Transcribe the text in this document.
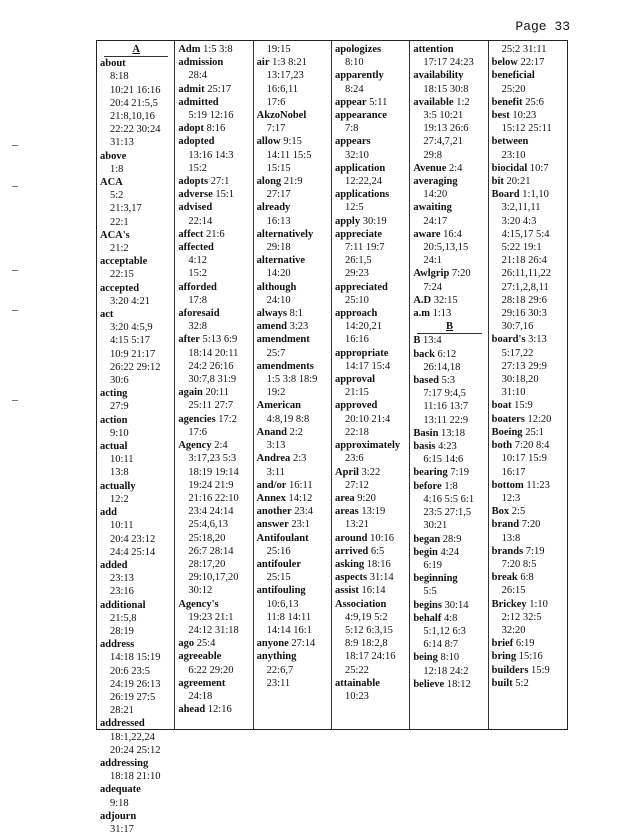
Page 33
A
about
8:18
10:21 16:16
20:4 21:5,5
21:8,10,16
22:22 30:24
31:13
above
1:8
ACA
5:2
21:3,17
22:1
ACA's
21:2
acceptable
22:15
accepted
3:20 4:21
act
3:20 4:5,9
4:15 5:17
10:9 21:17
26:22 29:12
30:6
acting
27:9
action
9:10
actual
10:11
13:8
actually
12:2
add
10:11
20:4 23:12
24:4 25:14
added
23:13
23:16
additional
21:5,8
28:19
address
14:18 15:19
20:6 23:5
24:19 26:13
26:19 27:5
28:21
addressed
18:1,22,24
20:24 25:12
addressing
18:18 21:10
adequate
9:18
adjourn
31:17
Adm 1:5 3:8
admission
28:4
admit 25:17
admitted
5:19 12:16
adopt 8:16
adopted
13:16 14:3
15:2
adopts 27:1
adverse 15:1
advised
22:14
affect 21:6
affected
4:12
15:2
afforded
17:8
aforesaid
32:8
after 5:13 6:9
18:14 20:11
24:2 26:16
30:7,8 31:9
again 20:11
25:11 27:7
agencies 17:2
17:6
Agency 2:4
3:17,23 5:3
18:19 19:14
19:24 21:9
21:16 22:10
23:4 24:14
25:4,6,13
25:18,20
26:7 28:14
28:17,20
29:10,17,20
30:12
Agency's
19:23 21:1
24:12 31:18
ago 25:4
agreeable
6:22 29:20
agreement
24:18
ahead 12:16
19:15
air 1:3 8:21
13:17,23
16:6,11
17:6
AkzoNobel
7:17
allow 9:15
14:11 15:5
15:15
along 21:9
27:17
already
16:13
alternatively
29:18
alternative
14:20
although
24:10
always 8:1
amend 3:23
amendment
25:7
amendments
1:5 3:8 18:9
19:2
American
4:8,19 8:8
Anand 2:2
3:13
Andrea 2:3
3:11
and/or 16:11
Annex 14:12
another 23:4
answer 23:1
Antifoulant
25:16
antifouler
25:15
antifouling
10:6,13
11:8 14:11
14:14 16:1
anyone 27:14
anything
22:6,7
23:11
apologizes
8:10
apparently
8:24
appear 5:11
appearance
7:8
appears
32:10
application
12:22,24
applications
12:5
apply 30:19
appreciate
7:11 19:7
26:1,5
29:23
appreciated
25:10
approach
14:20,21
16:16
appropriate
14:17 15:4
approval
21:15
approved
20:10 21:4
22:18
approximately
23:6
April 3:22
27:12
area 9:20
areas 13:19
13:21
around 10:16
arrived 6:5
asking 18:16
aspects 31:14
assist 16:14
Association
4:9,19 5:2
5:12 6:3,15
8:9 18:2,8
18:17 24:16
25:22
attainable
10:23
attention
17:17 24:23
availability
18:15 30:8
available 1:2
3:5 10:21
19:13 26:6
27:4,7,21
29:8
Avenue 2:4
averaging
14:20
awaiting
24:17
aware 16:4
20:5,13,15
24:1
Awlgrip 7:20
7:24
A.D 32:15
a.m 1:13
B
B 13:4
back 6:12
26:14,18
based 5:3
7:17 9:4,5
11:16 13:7
13:11 22:9
Basin 13:18
basis 4:23
6:15 14:6
bearing 7:19
before 1:8
4:16 5:5 6:1
23:5 27:1,5
30:21
began 28:9
begin 4:24
6:19
beginning
5:5
begins 30:14
behalf 4:8
5:1,12 6:3
6:14 8:7
being 8:10
12:18 24:2
believe 18:12
25:2 31:11
below 22:17
beneficial
25:20
benefit 25:6
best 10:23
15:12 25:11
between
23:10
biocidal 10:7
bit 20:21
Board 1:1,10
3:2,11,11
3:20 4:3
4:15,17 5:4
5:22 19:1
21:18 26:4
26:11,11,22
27:1,2,8,11
28:18 29:6
29:16 30:3
30:7,16
board's 3:13
5:17,22
27:13 29:9
30:18,20
31:10
boat 15:9
boaters 12:20
Boeing 25:1
both 7:20 8:4
10:17 15:9
16:17
bottom 11:23
12:3
Box 2:5
brand 7:20
13:8
brands 7:19
7:20 8:5
break 6:8
26:15
Brickey 1:10
2:12 32:5
32:20
brief 6:19
bring 15:16
builders 15:9
built 5:2
